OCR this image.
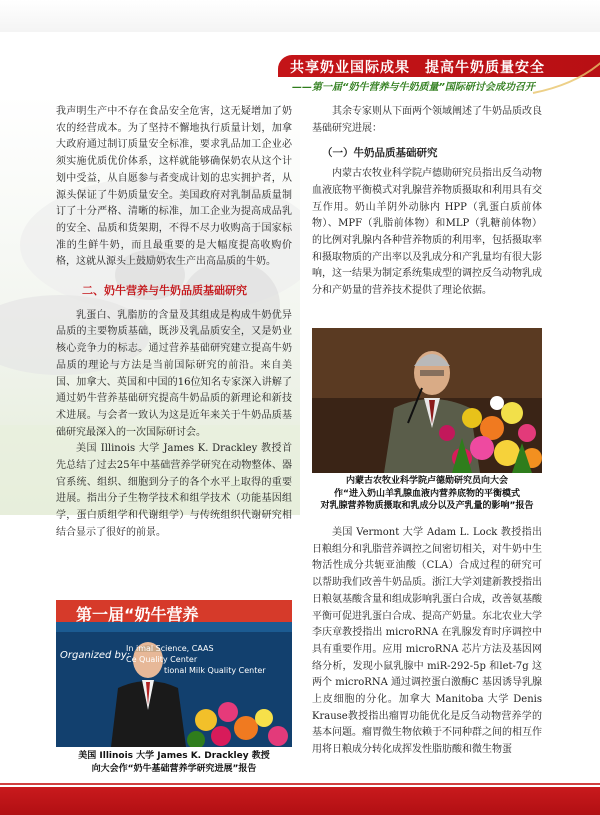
共享奶业国际成果　提高牛奶质量安全
——第一届“奶牛营养与牛奶质量”国际研讨会成功召开

我声明生产中不存在食品安全危害，这无疑增加了奶农的经营成本。为了坚持不懈地执行质量计划，加拿大政府通过制订质量安全标准，要求乳品加工企业必须实施优质优价体系，这样就能够确保奶农从这个计划中受益，从自愿参与者变成计划的忠实拥护者，从源头保证了牛奶质量安全。美国政府对乳制品质量制订了十分严格、清晰的标准，加工企业为提高成品乳的安全、品质和货架期，不得不尽力收购高于国家标准的生鲜牛奶，而且最重要的是大幅度提高收购价格，这就从源头上鼓励奶农生产出高品质的牛奶。

二、奶牛营养与牛奶品质基础研究

乳蛋白、乳脂肪的含量及其组成是构成牛奶优异品质的主要物质基础，既涉及乳品质安全，又是奶业核心竞争力的标志。通过营养基础研究建立提高牛奶品质的理论与方法是当前国际研究的前沿。来自美国、加拿大、英国和中国的16位知名专家深入讲解了通过奶牛营养基础研究提高牛奶品质的新理论和新技术进展。与会者一致认为这是近年来关于牛奶品质基础研究最深入的一次国际研讨会。

美国 Illinois 大学 James K. Drackley 教授首先总结了过去25年中基础营养学研究在动物整体、器官系统、组织、细胞到分子的各个水平上取得的重要进展。指出分子生物学技术和组学技术（功能基因组学，蛋白质组学和代谢组学）与传统组织代谢研究相结合显示了很好的前景。

其余专家则从下面两个领域阐述了牛奶品质改良基础研究进展：

（一）牛奶品质基础研究

内蒙古农牧业科学院卢德勋研究员指出反刍动物血液底物平衡模式对乳腺营养物质摄取和利用具有交互作用。奶山羊阴外动脉内 HPP（乳蛋白质前体物）、MPF（乳脂前体物）和MLP（乳糖前体物）的比例对乳腺内各种营养物质的利用率，包括摄取率和摄取物质的产出率以及乳成分和产乳量均有很大影响，这一结果为制定系统集成型的调控反刍动物乳成分和产奶量的营养技术提供了理论依据。

美国 Vermont 大学 Adam L. Lock 教授指出日粮组分和乳脂营养调控之间密切相关，对牛奶中生物活性成分共轭亚油酸（CLA）合成过程的研究可以帮助我们改善牛奶品质。浙江大学刘建新教授指出日粮氨基酸含量和组成影响乳蛋白合成，改善氨基酸平衡可促进乳蛋白合成、提高产奶量。东北农业大学李庆章教授指出 microRNA 在乳腺发育时序调控中具有重要作用。应用 microRNA 芯片方法及基因网络分析，发现小鼠乳腺中 miR-292-5p 和let-7g 这两个 microRNA 通过调控蛋白激酶C 基因诱导乳腺上皮细胞的分化。加拿大 Manitoba 大学 Denis Krause教授指出瘤胃功能优化是反刍动物营养学的基本问题。瘤胃微生物依赖于不同种群之间的相互作用将日粮成分转化成挥发性脂肪酸和微生物蛋

内蒙古农牧业科学院卢德勋研究员向大会
作“进入奶山羊乳腺血液内营养底物的平衡模式
对乳腺营养物质摄取和乳成分以及产乳量的影响”报告
第一届“奶牛营养
Organized by:
In imal Science, CAAS
Ce Quality Center
tional Milk Quality Center
美国 Illinois 大学 James K. Drackley 教授
向大会作“奶牛基础营养学研究进展”报告
